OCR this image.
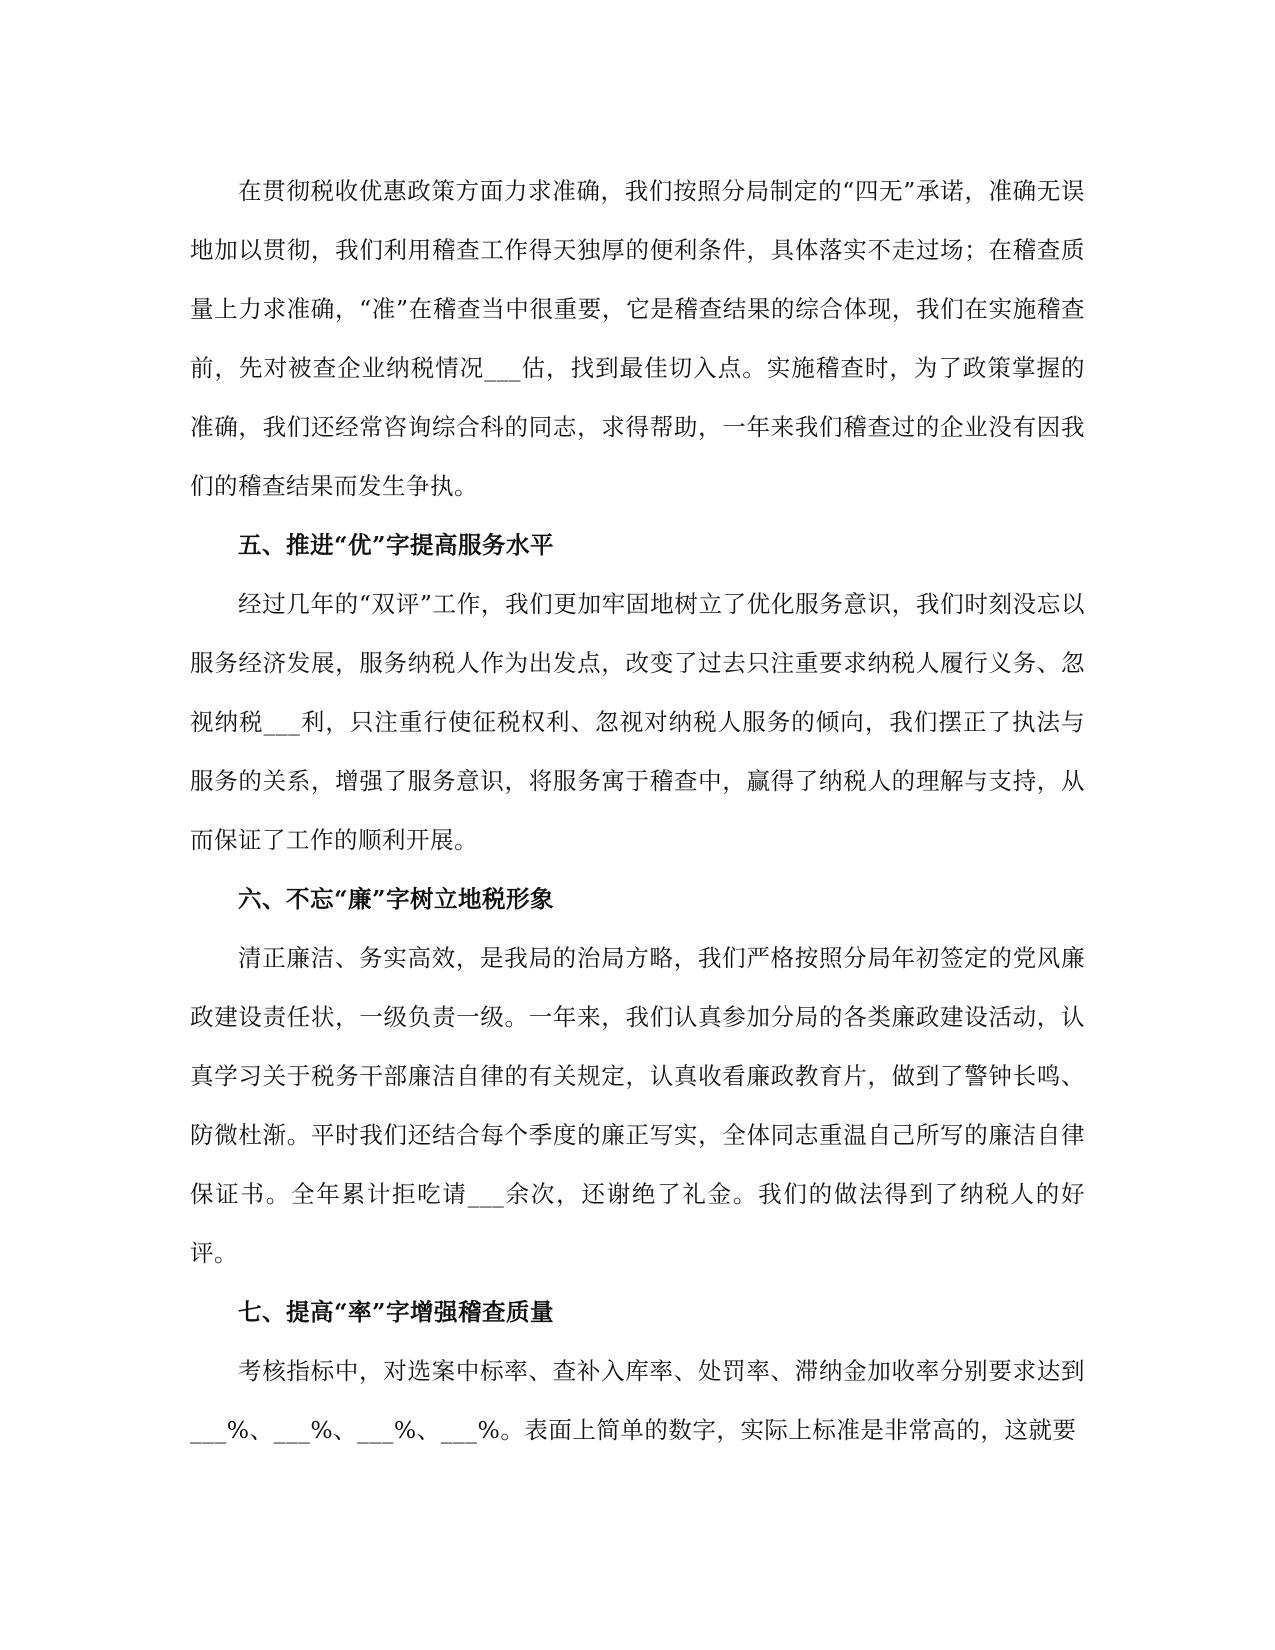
在贯彻税收优惠政策方面力求准确，我们按照分局制定的“四无”承诺，准确无误地加以贯彻，我们利用稽查工作得天独厚的便利条件，具体落实不走过场；在稽查质量上力求准确，“准”在稽查当中很重要，它是稽查结果的综合体现，我们在实施稽查前，先对被查企业纳税情况___估，找到最佳切入点。实施稽查时，为了政策掌握的准确，我们还经常咨询综合科的同志，求得帮助，一年来我们稽查过的企业没有因我们的稽查结果而发生争执。

五、推进“优”字提高服务水平

经过几年的“双评”工作，我们更加牢固地树立了优化服务意识，我们时刻没忘以服务经济发展，服务纳税人作为出发点，改变了过去只注重要求纳税人履行义务、忽视纳税___利，只注重行使征税权利、忽视对纳税人服务的倾向，我们摆正了执法与服务的关系，增强了服务意识，将服务寓于稽查中，赢得了纳税人的理解与支持，从而保证了工作的顺利开展。

六、不忘“廉”字树立地税形象

清正廉洁、务实高效，是我局的治局方略，我们严格按照分局年初签定的党风廉政建设责任状，一级负责一级。一年来，我们认真参加分局的各类廉政建设活动，认真学习关于税务干部廉洁自律的有关规定，认真收看廉政教育片，做到了警钟长鸣、防微杜渐。平时我们还结合每个季度的廉正写实，全体同志重温自己所写的廉洁自律保证书。全年累计拒吃请___余次，还谢绝了礼金。我们的做法得到了纳税人的好评。

七、提高“率”字增强稽查质量

考核指标中，对选案中标率、查补入库率、处罚率、滞纳金加收率分别要求达到___%、___%、___%、___%。表面上简单的数字，实际上标准是非常高的，这就要
